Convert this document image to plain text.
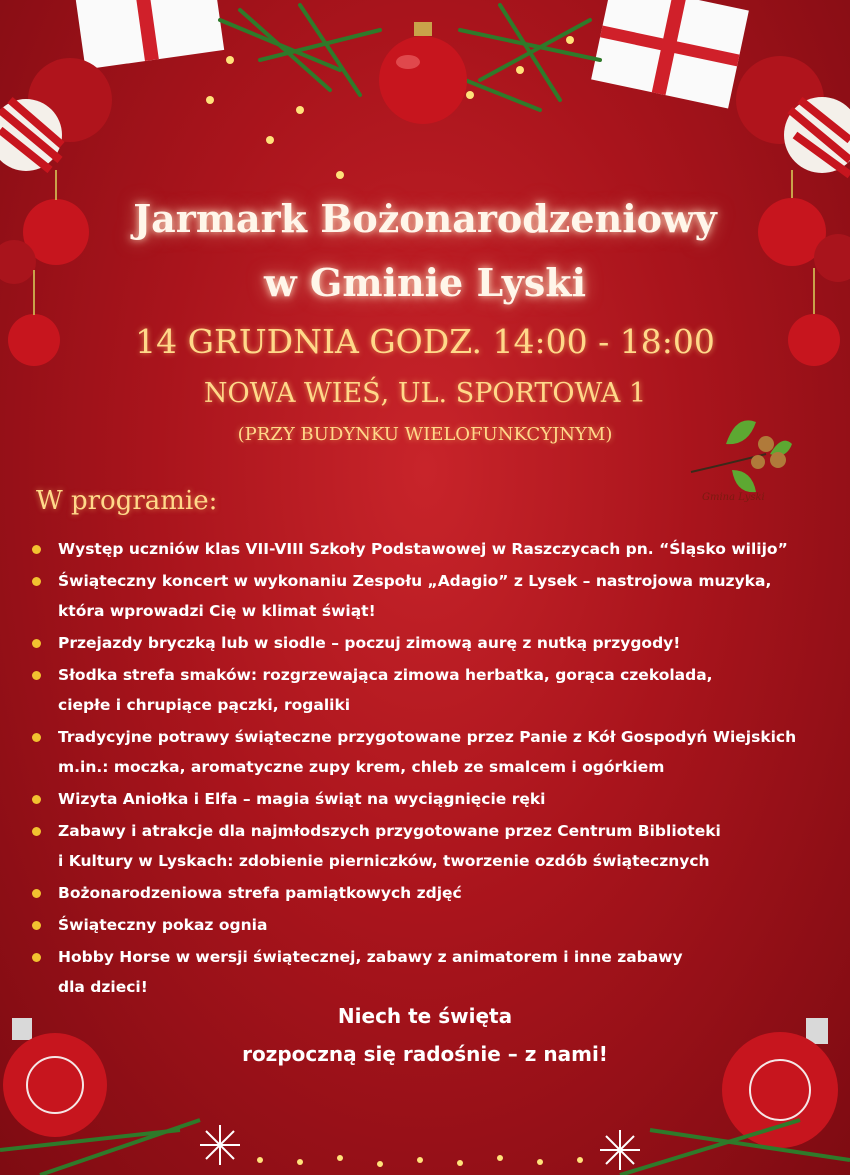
Jarmark Bożonarodzeniowy
w Gminie Lyski
14 GRUDNIA GODZ. 14:00 - 18:00
NOWA WIEŚ, UL. SPORTOWA 1
(PRZY BUDYNKU WIELOFUNKCYJNYM)
Gmina Lyski
W programie:
Występ uczniów klas VII-VIII Szkoły Podstawowej w Raszczycach pn. “Śląsko wilijo”
Świąteczny koncert w wykonaniu Zespołu „Adagio” z Lysek – nastrojowa muzyka,
która wprowadzi Cię w klimat świąt!
Przejazdy bryczką lub w siodle – poczuj zimową aurę z nutką przygody!
Słodka strefa smaków: rozgrzewająca zimowa herbatka, gorąca czekolada,
ciepłe i chrupiące pączki, rogaliki
Tradycyjne potrawy świąteczne przygotowane przez Panie z Kół Gospodyń Wiejskich
m.in.: moczka, aromatyczne zupy krem, chleb ze smalcem i ogórkiem
Wizyta Aniołka i Elfa – magia świąt na wyciągnięcie ręki
Zabawy i atrakcje dla najmłodszych przygotowane przez Centrum Biblioteki
i Kultury w Lyskach: zdobienie pierniczków, tworzenie ozdób świątecznych
Bożonarodzeniowa strefa pamiątkowych zdjęć
Świąteczny pokaz ognia
Hobby Horse w wersji świątecznej, zabawy z animatorem i inne zabawy
dla dzieci!
Niech te święta
rozpoczną się radośnie – z nami!
